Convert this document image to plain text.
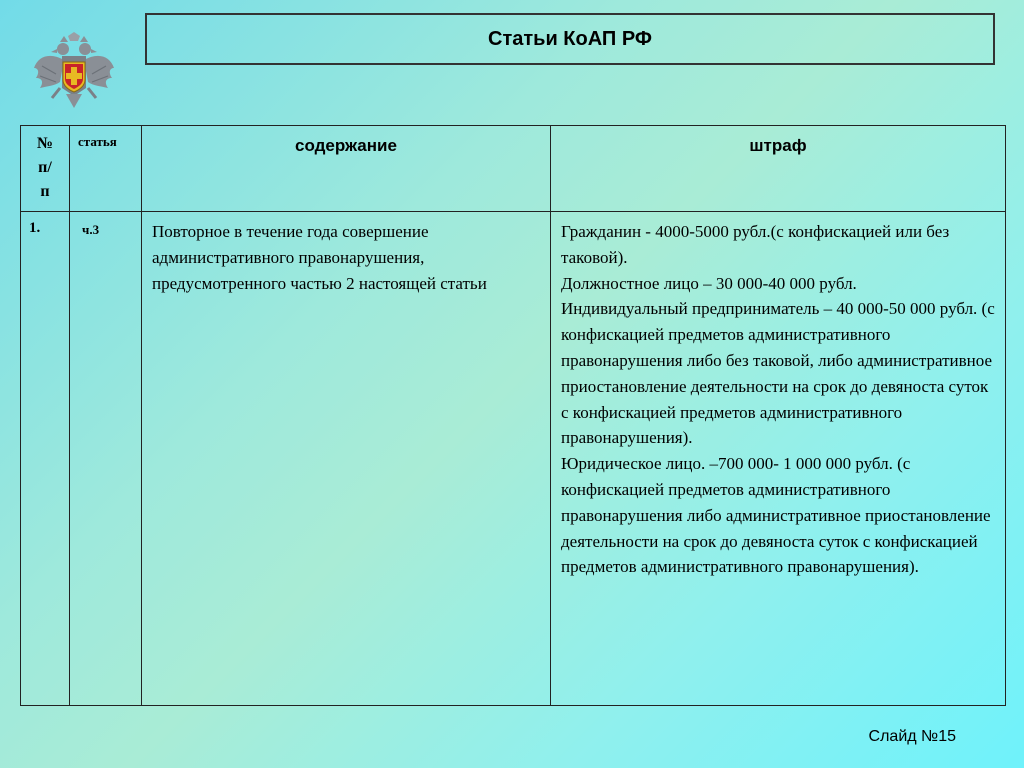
Статьи КоАП РФ
№
п/
п	статья	содержание	штраф
1.	ч.3	Повторное в течение года совершение административного правонарушения, предусмотренного частью 2 настоящей статьи	Гражданин - 4000-5000 рубл.(с конфискацией или без таковой).
Должностное лицо – 30 000-40 000 рубл.
Индивидуальный предприниматель – 40 000-50 000 рубл. (с конфискацией предметов административного правонарушения либо без таковой, либо административное приостановление деятельности на срок до девяноста суток с конфискацией предметов административного правонарушения).
Юридическое лицо. –700 000- 1 000 000 рубл. (с конфискацией предметов административного правонарушения либо административное приостановление деятельности на срок до девяноста суток с конфискацией предметов административного правонарушения).
Слайд №15
